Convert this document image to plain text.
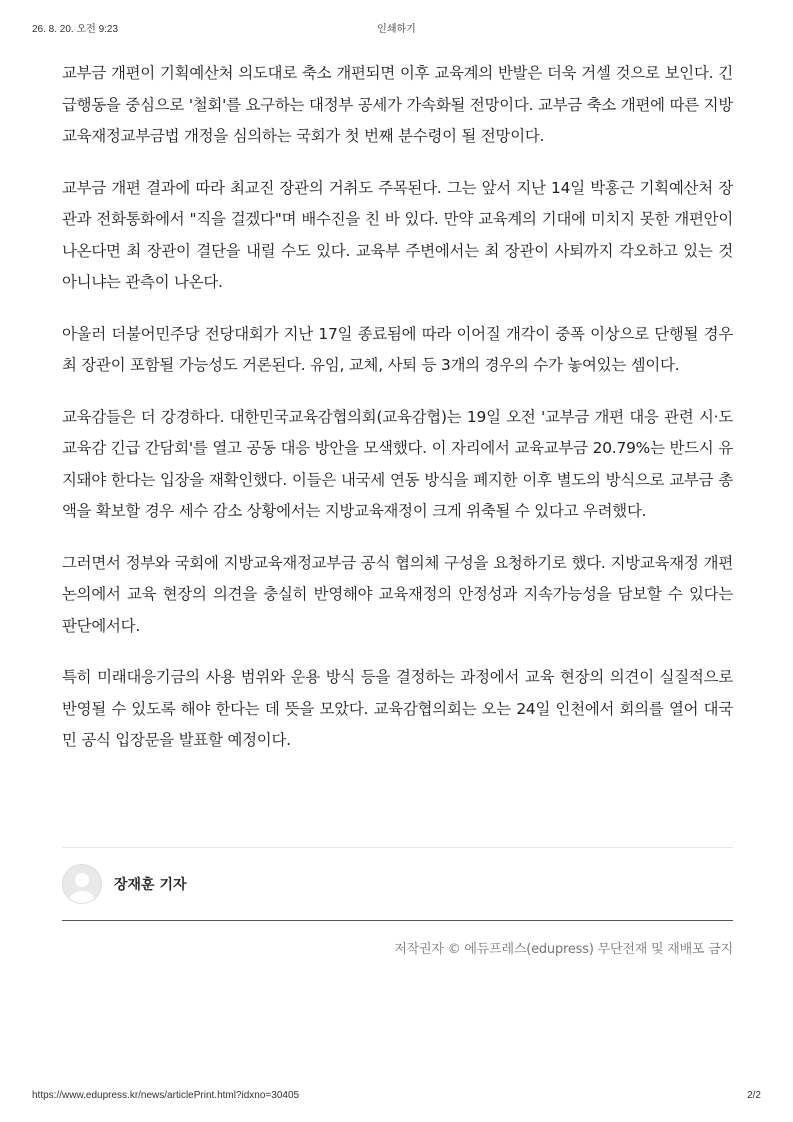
26. 8. 20. 오전 9:23	인쇄하기

교부금 개편이 기획예산처 의도대로 축소 개편되면 이후 교육계의 반발은 더욱 거셀 것으로 보인다. 긴급행동을 중심으로 '철회'를 요구하는 대정부 공세가 가속화될 전망이다. 교부금 축소 개편에 따른 지방교육재정교부금법 개정을 심의하는 국회가 첫 번째 분수령이 될 전망이다.

교부금 개편 결과에 따라 최교진 장관의 거취도 주목된다. 그는 앞서 지난 14일 박홍근 기획예산처 장관과 전화통화에서 "직을 걸겠다"며 배수진을 친 바 있다. 만약 교육계의 기대에 미치지 못한 개편안이 나온다면 최 장관이 결단을 내릴 수도 있다. 교육부 주변에서는 최 장관이 사퇴까지 각오하고 있는 것 아니냐는 관측이 나온다.

아울러 더불어민주당 전당대회가 지난 17일 종료됨에 따라 이어질 개각이 중폭 이상으로 단행될 경우 최 장관이 포함될 가능성도 거론된다. 유임, 교체, 사퇴 등 3개의 경우의 수가 놓여있는 셈이다.

교육감들은 더 강경하다. 대한민국교육감협의회(교육감협)는 19일 오전 '교부금 개편 대응 관련 시·도교육감 긴급 간담회'를 열고 공동 대응 방안을 모색했다. 이 자리에서 교육교부금 20.79%는 반드시 유지돼야 한다는 입장을 재확인했다. 이들은 내국세 연동 방식을 폐지한 이후 별도의 방식으로 교부금 총액을 확보할 경우 세수 감소 상황에서는 지방교육재정이 크게 위축될 수 있다고 우려했다.

그러면서 정부와 국회에 지방교육재정교부금 공식 협의체 구성을 요청하기로 했다. 지방교육재정 개편 논의에서 교육 현장의 의견을 충실히 반영해야 교육재정의 안정성과 지속가능성을 담보할 수 있다는 판단에서다.

특히 미래대응기금의 사용 범위와 운용 방식 등을 결정하는 과정에서 교육 현장의 의견이 실질적으로 반영될 수 있도록 해야 한다는 데 뜻을 모았다. 교육감협의회는 오는 24일 인천에서 회의를 열어 대국민 공식 입장문을 발표할 예정이다.

장재훈 기자
저작권자 © 에듀프레스(edupress) 무단전재 및 재배포 금지
https://www.edupress.kr/news/articlePrint.html?idxno=30405	2/2
